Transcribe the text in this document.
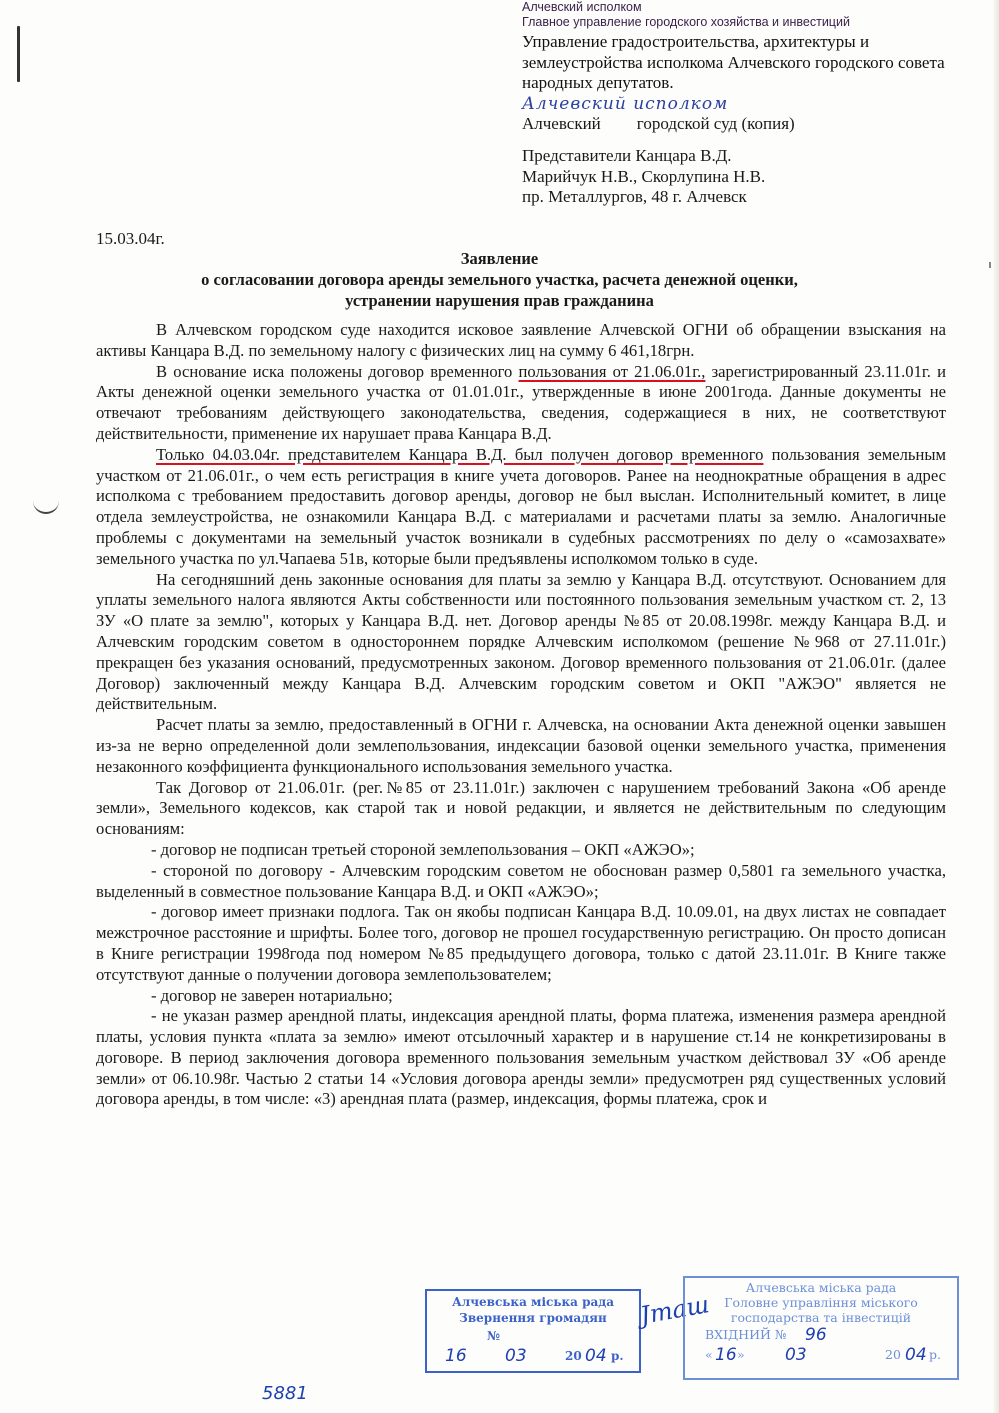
Алчевский исполком
Главное управление городского хозяйства и инвестиций
Управление градостроительства, архитектуры и землеустройства исполкома Алчевского городского совета народных депутатов.
Алчевский исполком
Алчевский городской суд (копия)
Представители Канцара В.Д.
Марийчук Н.В., Скорлупина Н.В.
пр. Металлургов, 48 г. Алчевск
15.03.04г.
Заявление
о согласовании договора аренды земельного участка, расчета денежной оценки,
устранении нарушения прав гражданина

В Алчевском городском суде находится исковое заявление Алчевской ОГНИ об обращении взыскания на активы Канцара В.Д. по земельному налогу с физических лиц на сумму 6 461,18грн.

В основание иска положены договор временного пользования от 21.06.01г., зарегистрированный 23.11.01г. и Акты денежной оценки земельного участка от 01.01.01г., утвержденные в июне 2001года. Данные документы не отвечают требованиям действующего законодательства, сведения, содержащиеся в них, не соответствуют действительности, применение их нарушает права Канцара В.Д.

Только 04.03.04г. представителем Канцара В.Д. был получен договор временного пользования земельным участком от 21.06.01г., о чем есть регистрация в книге учета договоров. Ранее на неоднократные обращения в адрес исполкома с требованием предоставить договор аренды, договор не был выслан. Исполнительный комитет, в лице отдела землеустройства, не ознакомили Канцара В.Д. с материалами и расчетами платы за землю. Аналогичные проблемы с документами на земельный участок возникали в судебных рассмотрениях по делу о «самозахвате» земельного участка по ул.Чапаева 51в, которые были предъявлены исполкомом только в суде.

На сегодняшний день законные основания для платы за землю у Канцара В.Д. отсутствуют. Основанием для уплаты земельного налога являются Акты собственности или постоянного пользования земельным участком ст. 2, 13 ЗУ «О плате за землю", которых у Канцара В.Д. нет. Договор аренды №85 от 20.08.1998г. между Канцара В.Д. и Алчевским городским советом в одностороннем порядке Алчевским исполкомом (решение №968 от 27.11.01г.) прекращен без указания оснований, предусмотренных законом. Договор временного пользования от 21.06.01г. (далее Договор) заключенный между Канцара В.Д. Алчевским городским советом и ОКП "АЖЭО" является не действительным.

Расчет платы за землю, предоставленный в ОГНИ г. Алчевска, на основании Акта денежной оценки завышен из-за не верно определенной доли землепользования, индексации базовой оценки земельного участка, применения незаконного коэффициента функционального использования земельного участка.

Так Договор от 21.06.01г. (рег.№85 от 23.11.01г.) заключен с нарушением требований Закона «Об аренде земли», Земельного кодексов, как старой так и новой редакции, и является не действительным по следующим основаниям:

- договор не подписан третьей стороной землепользования – ОКП «АЖЭО»;

- стороной по договору - Алчевским городским советом не обоснован размер 0,5801 га земельного участка, выделенный в совместное пользование Канцара В.Д. и ОКП «АЖЭО»;

- договор имеет признаки подлога. Так он якобы подписан Канцара В.Д. 10.09.01, на двух листах не совпадает межстрочное расстояние и шрифты. Более того, договор не прошел государственную регистрацию. Он просто дописан в Книге регистрации 1998года под номером №85 предыдущего договора, только с датой 23.11.01г. В Книге также отсутствуют данные о получении договора землепользователем;

- договор не заверен нотариально;

- не указан размер арендной платы, индексация арендной платы, форма платежа, изменения размера арендной платы, условия пункта «плата за землю» имеют отсылочный характер и в нарушение ст.14 не конкретизированы в договоре. В период заключения договора временного пользования земельным участком действовал ЗУ «Об аренде земли» от 06.10.98г. Частью 2 статьи 14 «Условия договора аренды земли» предусмотрен ряд существенных условий договора аренды, в том числе: «3) арендная плата (размер, индексация, формы платежа, срок и

Алчевська міська рада
Звернення громадян
№
16 03	20 04 р.
Jташ
Алчевська міська рада
Головне управління міського
господарства та інвестицій
ВХІДНИЙ № 96
« 16 » 03	20 04 р.
5881
